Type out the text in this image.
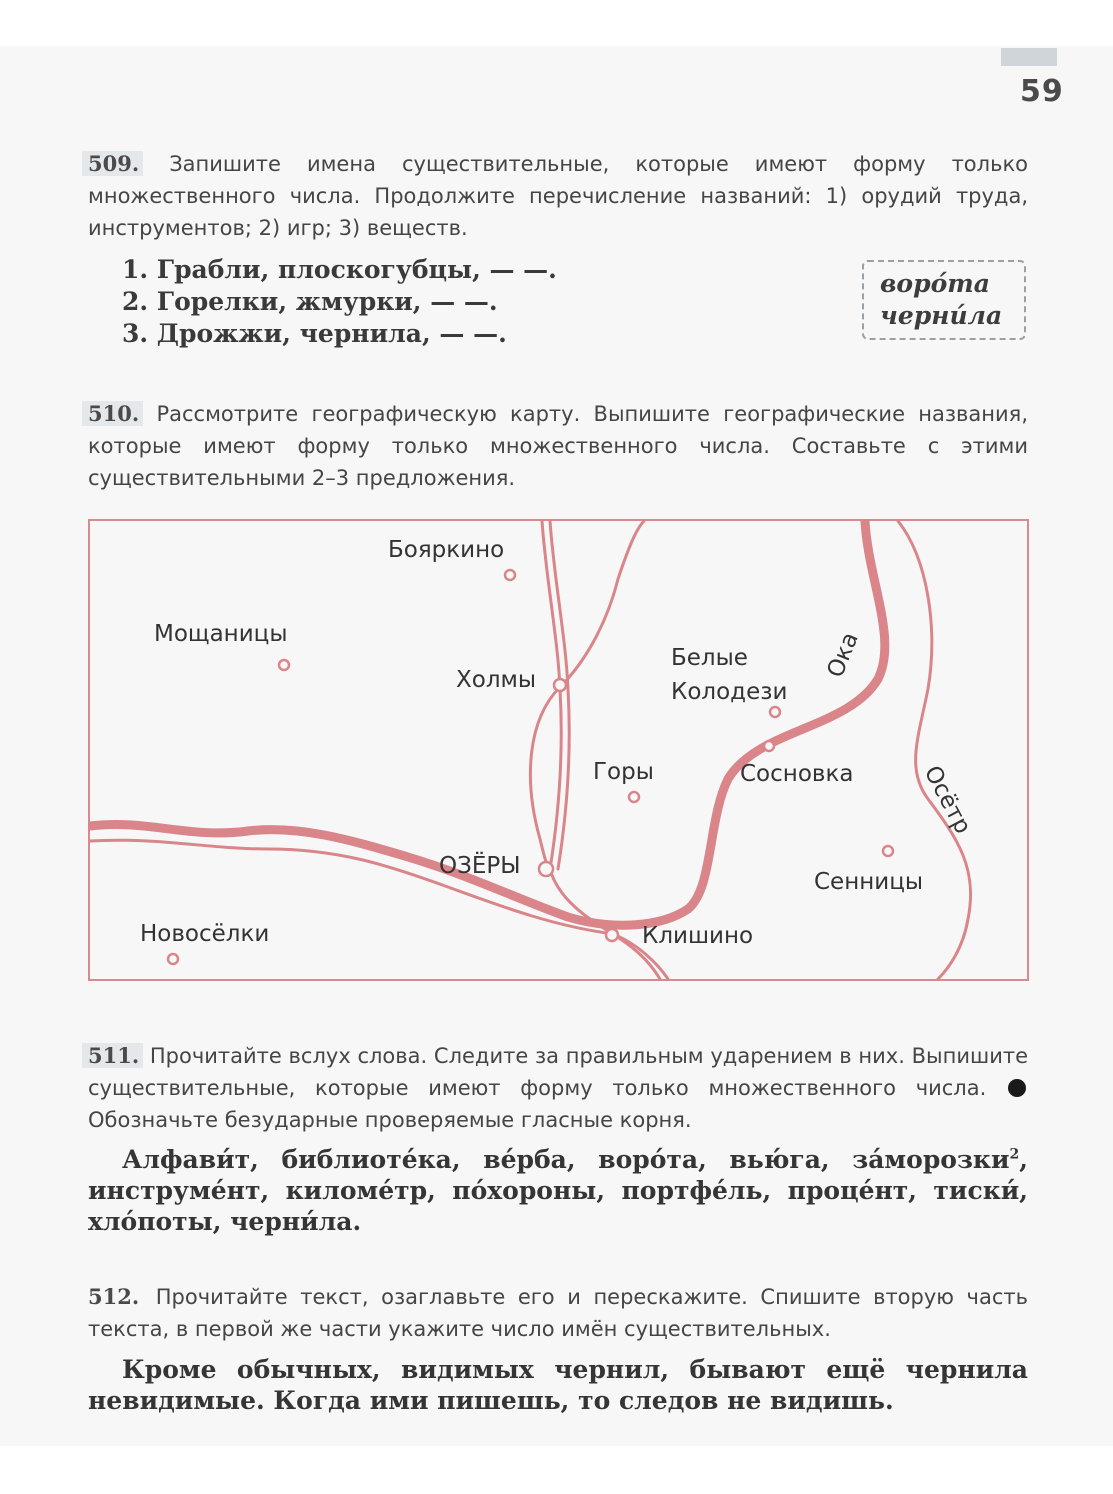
59
509. Запишите имена существительные, которые имеют форму только множественного числа. Продолжите перечисление названий: 1) орудий труда, инструментов; 2) игр; 3) веществ.
1. Грабли, плоскогубцы, — —.
2. Горелки, жмурки, — —.
3. Дрожжи, чернила, — —.
воро́та
черни́ла
510. Рассмотрите географическую карту. Выпишите географические названия, которые имеют форму только множественного числа. Составьте с этими существительными 2–3 предложения.
Бояркино
Мощаницы
Холмы
Белые
Колодези
Горы	Сосновка
ОЗЁРЫ
Сенницы
Новосёлки	Клишино
Ока
Осётр
511. Прочитайте вслух слова. Следите за правильным ударением в них. Выпишите существительные, которые имеют форму только множественного числа.  Обозначьте безударные проверяемые гласные корня.
Алфави́т, библиоте́ка, ве́рба, воро́та, вью́га, за́морозки$^2$, инструме́нт, киломе́тр, по́хороны, портфе́ль, проце́нт, тиски́, хло́поты, черни́ла.
512. Прочитайте текст, озаглавьте его и перескажите. Спишите вторую часть текста, в первой же части укажите число имён существительных.

Кроме обычных, видимых чернил, бывают ещё чернила невидимые. Когда ими пишешь, то следов не видишь.
